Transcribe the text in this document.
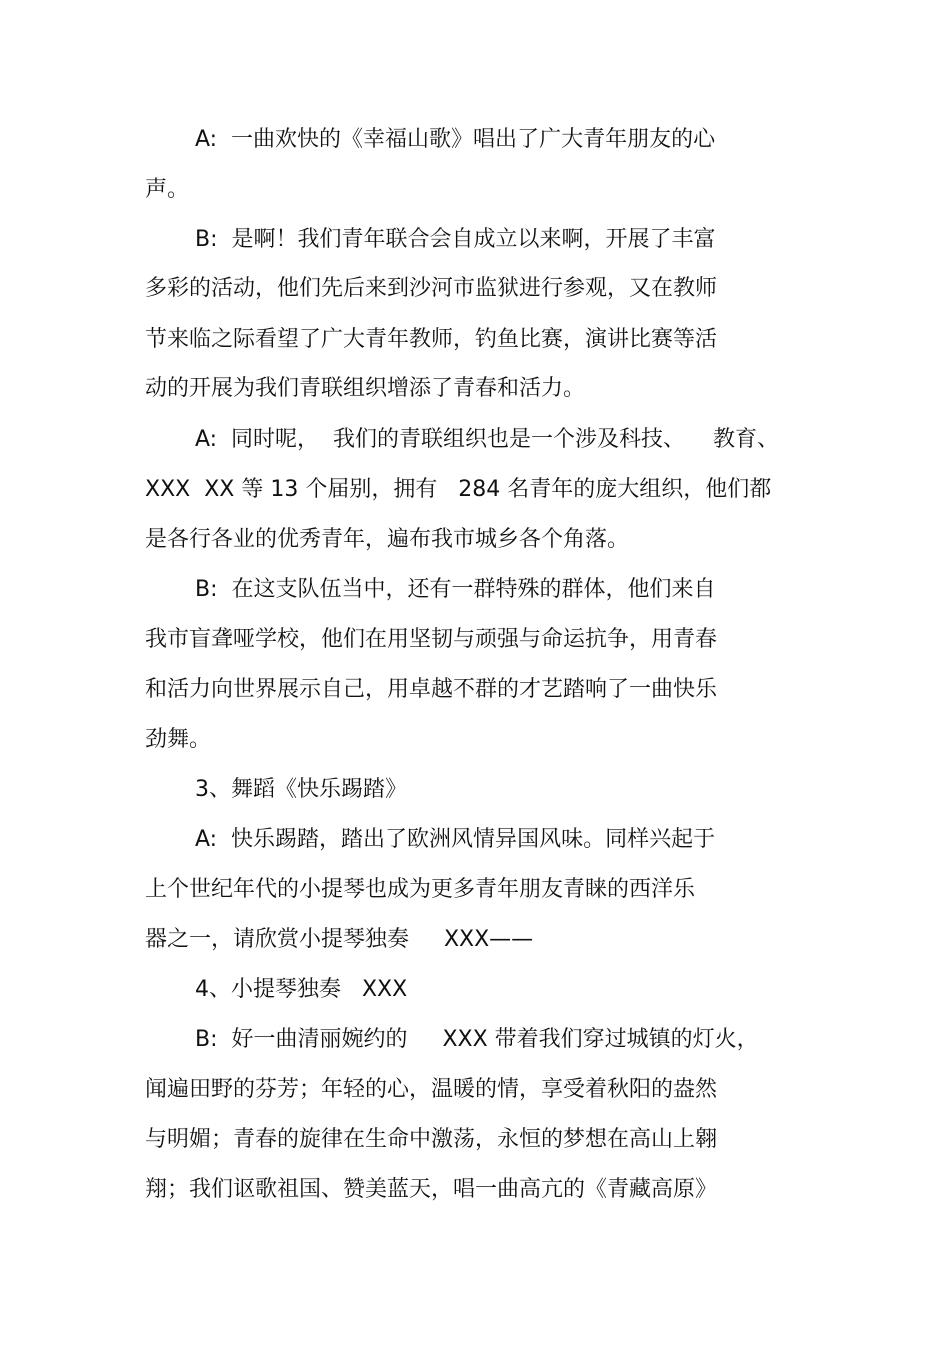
A:  一曲欢快的《幸福山歌》唱出了广大青年朋友的心
声。
B:  是啊！我们青年联合会自成立以来啊，开展了丰富
多彩的活动，他们先后来到沙河市监狱进行参观，又在教师
节来临之际看望了广大青年教师，钓鱼比赛，演讲比赛等活
动的开展为我们青联组织增添了青春和活力。
A:  同时呢，  我们的青联组织也是一个涉及科技、    教育、
XXX  XX 等 13 个届别，拥有   284 名青年的庞大组织，他们都
是各行各业的优秀青年，遍布我市城乡各个角落。
B:  在这支队伍当中，还有一群特殊的群体，他们来自
我市盲聋哑学校，他们在用坚韧与顽强与命运抗争，用青春
和活力向世界展示自己，用卓越不群的才艺踏响了一曲快乐
劲舞。
3、舞蹈《快乐踢踏》
A:  快乐踢踏，踏出了欧洲风情异国风味。同样兴起于
上个世纪年代的小提琴也成为更多青年朋友青睐的西洋乐
器之一，请欣赏小提琴独奏     XXX——
4、小提琴独奏   XXX
B:  好一曲清丽婉约的     XXX 带着我们穿过城镇的灯火，
闻遍田野的芬芳；年轻的心，温暖的情，享受着秋阳的盎然
与明媚；青春的旋律在生命中激荡，永恒的梦想在高山上翱
翔；我们讴歌祖国、赞美蓝天，唱一曲高亢的《青藏高原》
